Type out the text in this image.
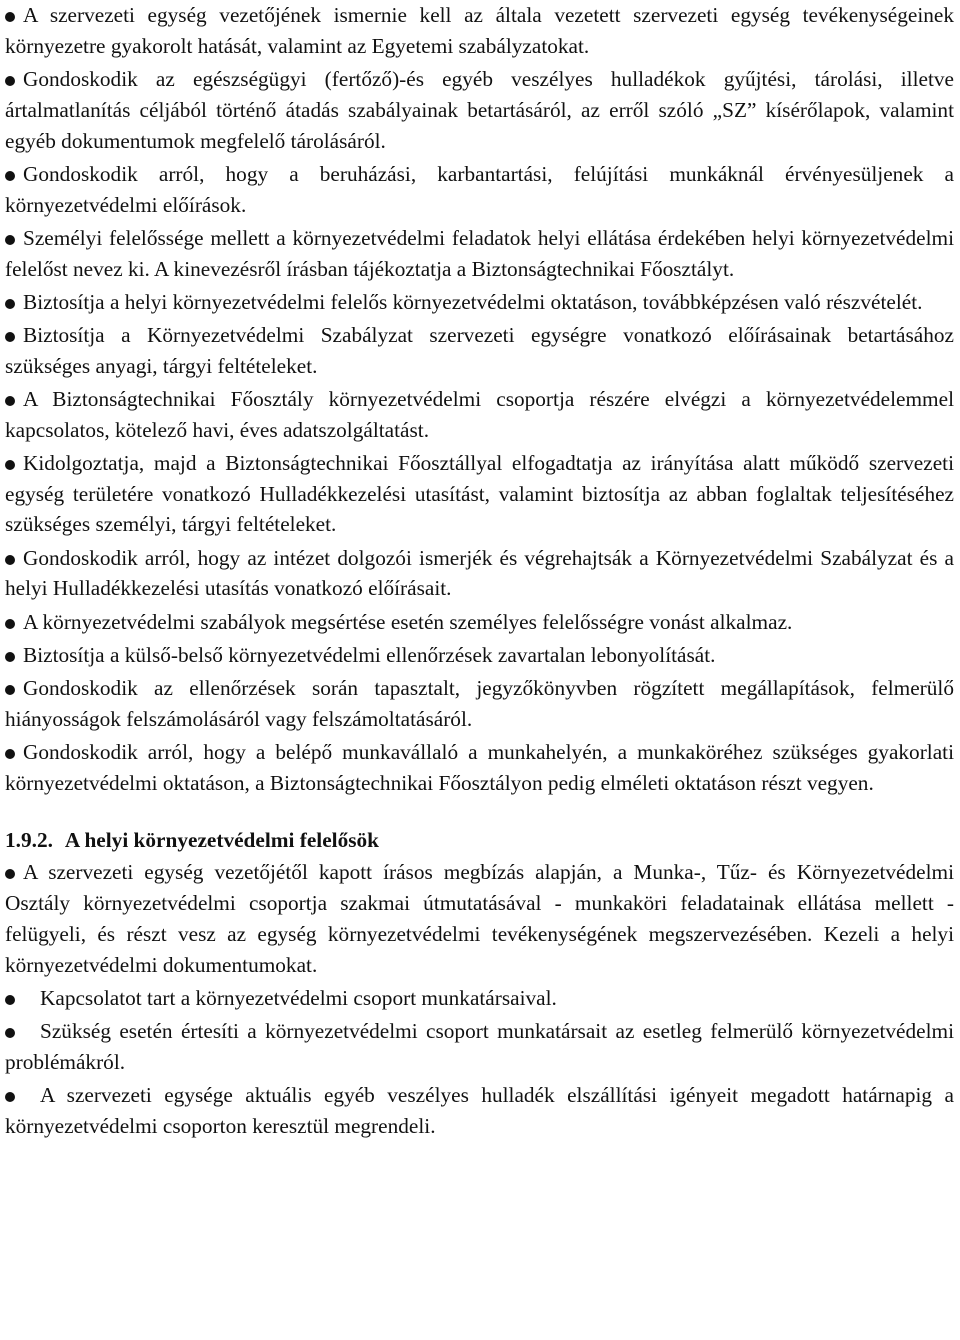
A szervezeti egység vezetőjének ismernie kell az általa vezetett szervezeti egység tevékenységeinek környezetre gyakorolt hatását, valamint az Egyetemi szabályzatokat.
Gondoskodik az egészségügyi (fertőző)-és egyéb veszélyes hulladékok gyűjtési, tárolási, illetve ártalmatlanítás céljából történő átadás szabályainak betartásáról, az erről szóló „SZ” kísérőlapok, valamint egyéb dokumentumok megfelelő tárolásáról.
Gondoskodik arról, hogy a beruházási, karbantartási, felújítási munkáknál érvényesüljenek a környezetvédelmi előírások.
Személyi felelőssége mellett a környezetvédelmi feladatok helyi ellátása érdekében helyi környezetvédelmi felelőst nevez ki. A kinevezésről írásban tájékoztatja a Biztonságtechnikai Főosztályt.
Biztosítja a helyi környezetvédelmi felelős környezetvédelmi oktatáson, továbbképzésen való részvételét.
Biztosítja a Környezetvédelmi Szabályzat szervezeti egységre vonatkozó előírásainak betartásához szükséges anyagi, tárgyi feltételeket.
A Biztonságtechnikai Főosztály környezetvédelmi csoportja részére elvégzi a környezetvédelemmel kapcsolatos, kötelező havi, éves adatszolgáltatást.
Kidolgoztatja, majd a Biztonságtechnikai Főosztállyal elfogadtatja az irányítása alatt működő szervezeti egység területére vonatkozó Hulladékkezelési utasítást, valamint biztosítja az abban foglaltak teljesítéséhez szükséges személyi, tárgyi feltételeket.
Gondoskodik arról, hogy az intézet dolgozói ismerjék és végrehajtsák a Környezetvédelmi Szabályzat és a helyi Hulladékkezelési utasítás vonatkozó előírásait.
A környezetvédelmi szabályok megsértése esetén személyes felelősségre vonást alkalmaz.
Biztosítja a külső-belső környezetvédelmi ellenőrzések zavartalan lebonyolítását.
Gondoskodik az ellenőrzések során tapasztalt, jegyzőkönyvben rögzített megállapítások, felmerülő hiányosságok felszámolásáról vagy felszámoltatásáról.
Gondoskodik arról, hogy a belépő munkavállaló a munkahelyén, a munkaköréhez szükséges gyakorlati környezetvédelmi oktatáson, a Biztonságtechnikai Főosztályon pedig elméleti oktatáson részt vegyen.
1.9.2. A helyi környezetvédelmi felelősök
A szervezeti egység vezetőjétől kapott írásos megbízás alapján, a Munka-, Tűz- és Környezetvédelmi Osztály környezetvédelmi csoportja szakmai útmutatásával - munkaköri feladatainak ellátása mellett - felügyeli, és részt vesz az egység környezetvédelmi tevékenységének megszervezésében. Kezeli a helyi környezetvédelmi dokumentumokat.
Kapcsolatot tart a környezetvédelmi csoport munkatársaival.
Szükség esetén értesíti a környezetvédelmi csoport munkatársait az esetleg felmerülő környezetvédelmi problémákról.
A szervezeti egysége aktuális egyéb veszélyes hulladék elszállítási igényeit megadott határnapig a környezetvédelmi csoporton keresztül megrendeli.
